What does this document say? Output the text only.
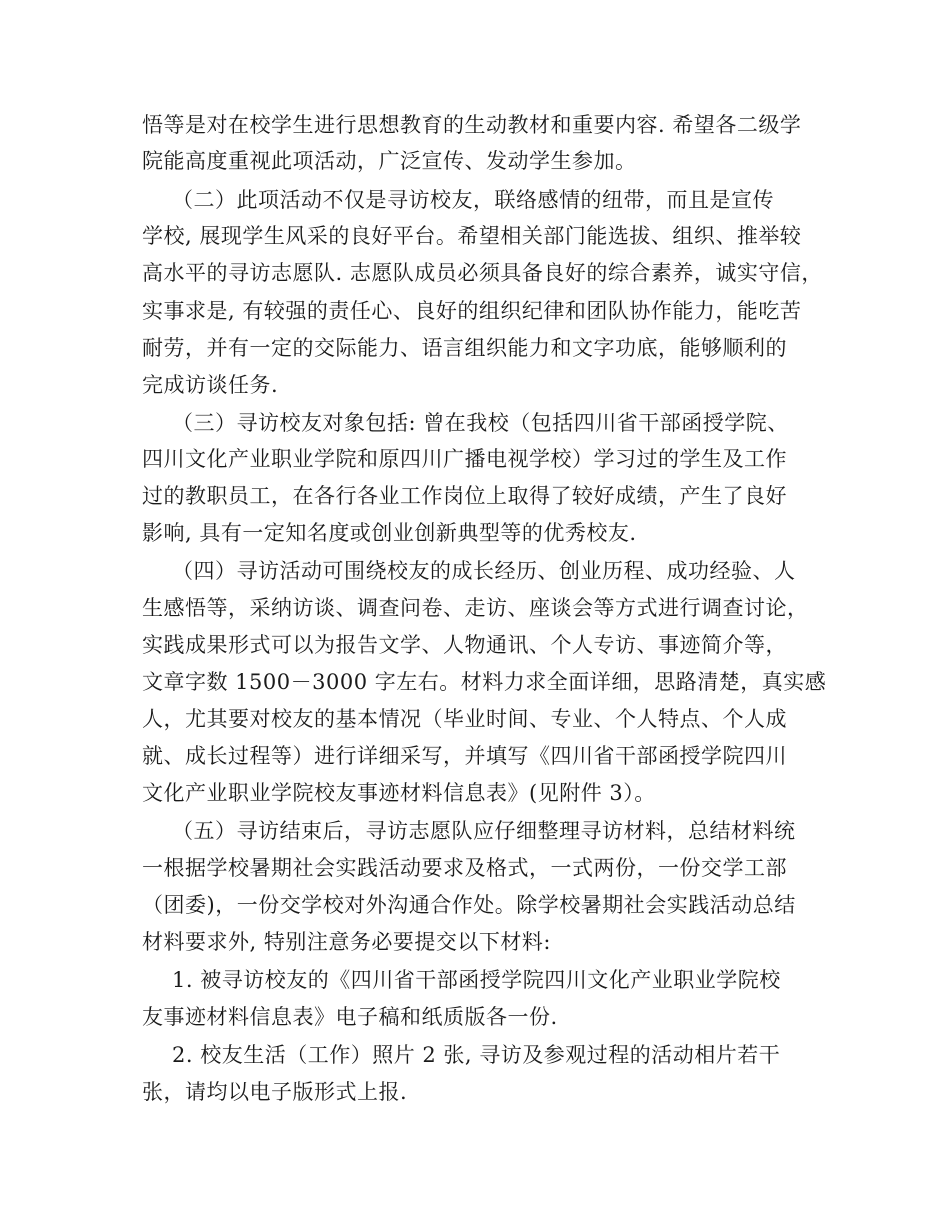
悟等是对在校学生进行思想教育的生动教材和重要内容. 希望各二级学
院能高度重视此项活动，广泛宣传、发动学生参加。
（二）此项活动不仅是寻访校友，联络感情的纽带，而且是宣传
学校, 展现学生风采的良好平台。希望相关部门能选拔、组织、推举较
高水平的寻访志愿队. 志愿队成员必须具备良好的综合素养，诚实守信，
实事求是, 有较强的责任心、良好的组织纪律和团队协作能力，能吃苦
耐劳，并有一定的交际能力、语言组织能力和文字功底，能够顺利的
完成访谈任务.
（三）寻访校友对象包括: 曾在我校（包括四川省干部函授学院、
四川文化产业职业学院和原四川广播电视学校）学习过的学生及工作
过的教职员工，在各行各业工作岗位上取得了较好成绩，产生了良好
影响, 具有一定知名度或创业创新典型等的优秀校友.
（四）寻访活动可围绕校友的成长经历、创业历程、成功经验、人
生感悟等，采纳访谈、调查问卷、走访、座谈会等方式进行调查讨论，
实践成果形式可以为报告文学、人物通讯、个人专访、事迹简介等，
文章字数 1500－3000 字左右。材料力求全面详细，思路清楚，真实感
人，尤其要对校友的基本情况（毕业时间、专业、个人特点、个人成
就、成长过程等）进行详细采写，并填写《四川省干部函授学院四川
文化产业职业学院校友事迹材料信息表》(见附件 3）。
（五）寻访结束后，寻访志愿队应仔细整理寻访材料，总结材料统
一根据学校暑期社会实践活动要求及格式，一式两份，一份交学工部
（团委)，一份交学校对外沟通合作处。除学校暑期社会实践活动总结
材料要求外, 特别注意务必要提交以下材料:
1. 被寻访校友的《四川省干部函授学院四川文化产业职业学院校
友事迹材料信息表》电子稿和纸质版各一份.
2. 校友生活（工作）照片 2 张, 寻访及参观过程的活动相片若干
张，请均以电子版形式上报.
